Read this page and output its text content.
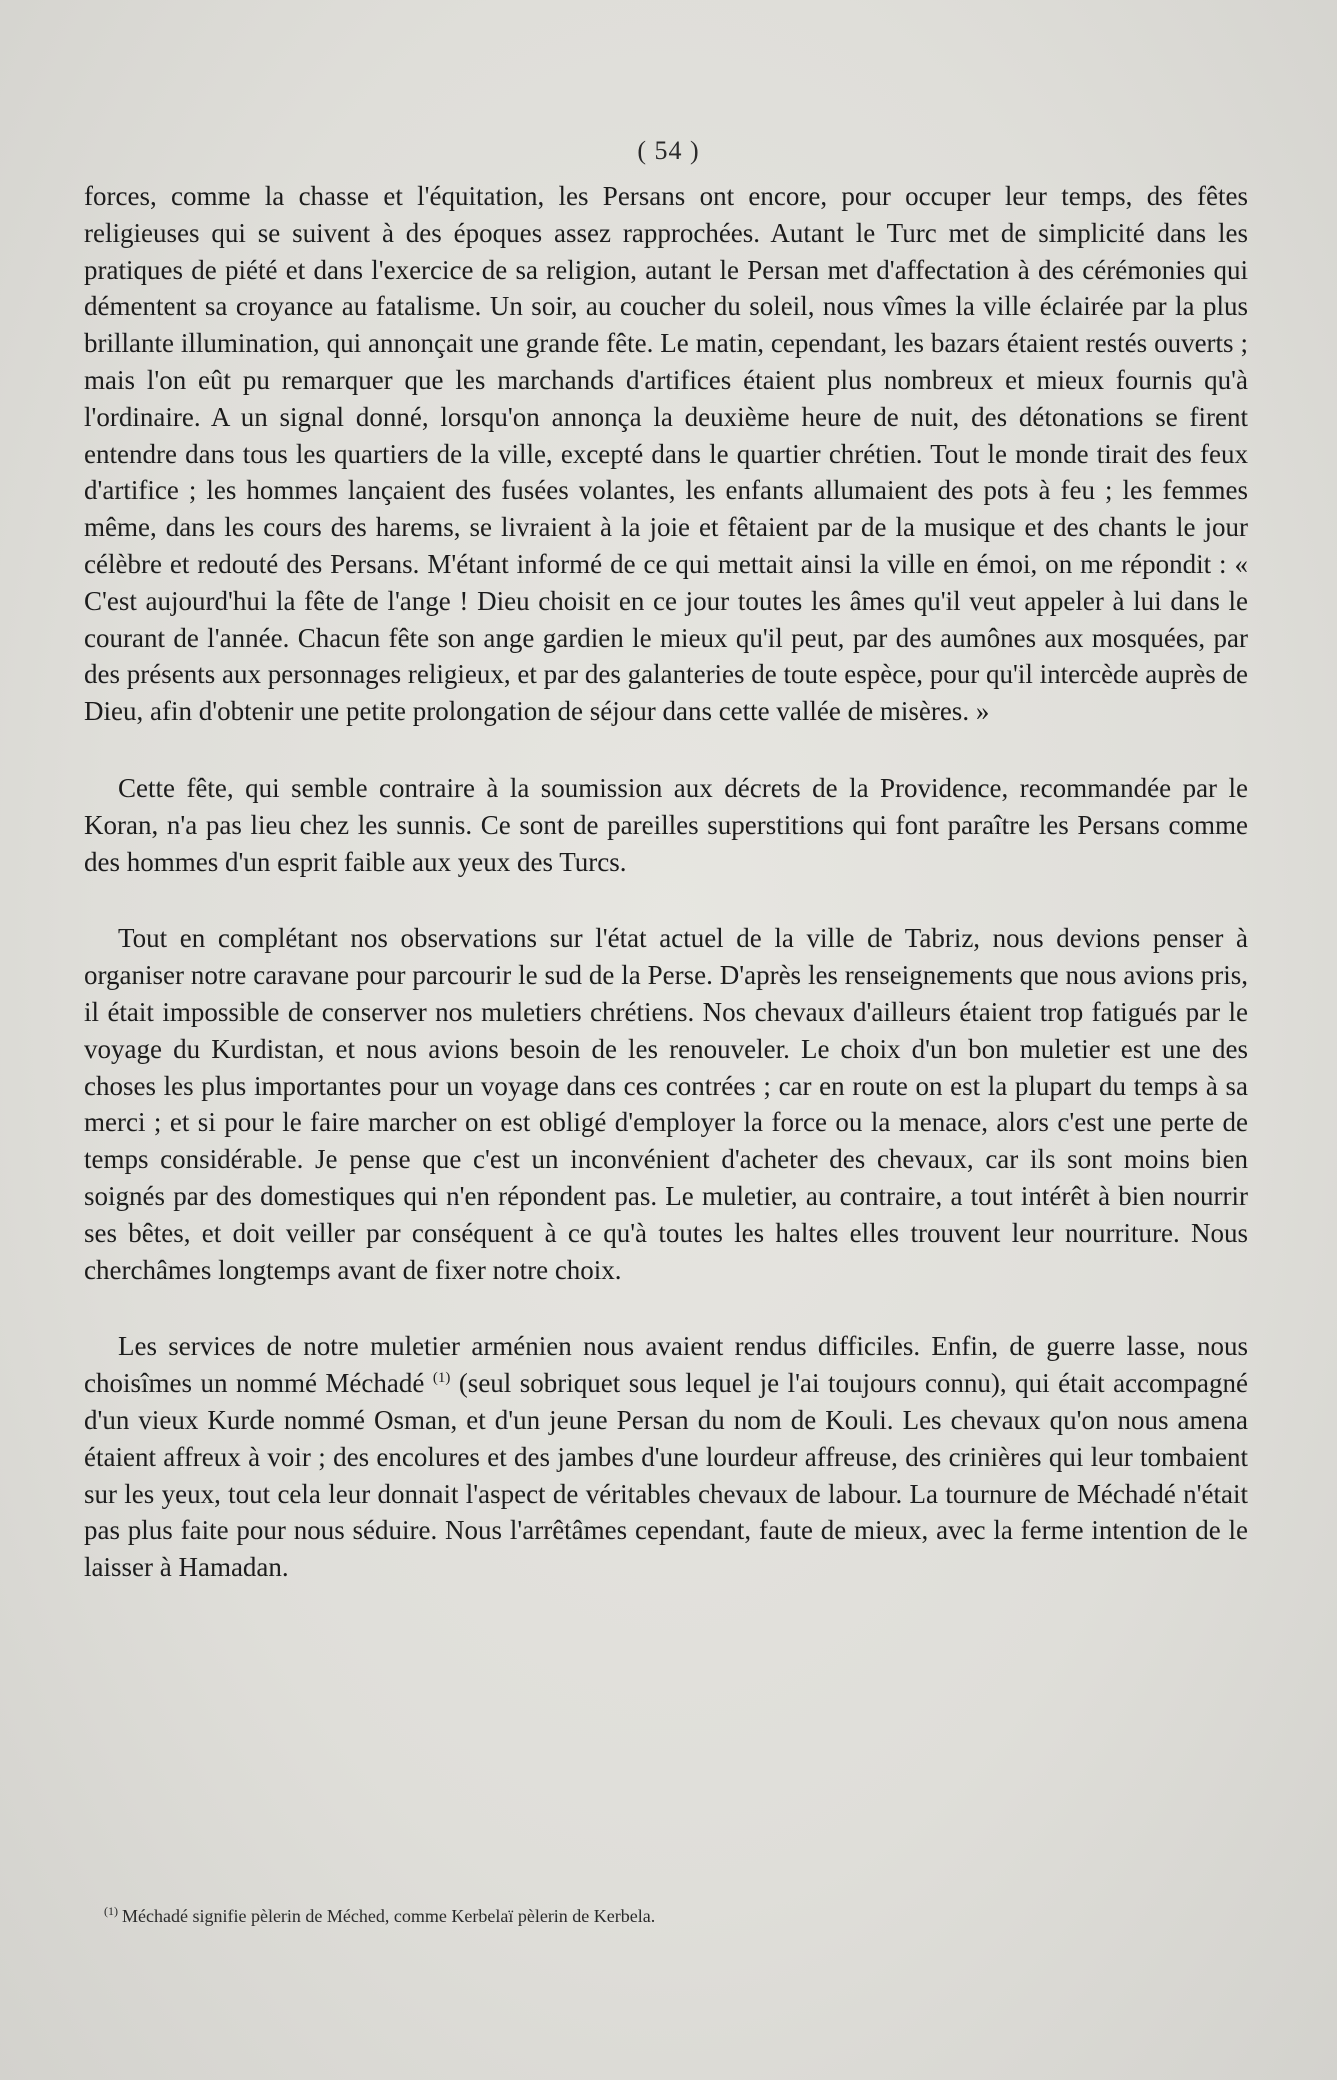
( 54 )

forces, comme la chasse et l'équitation, les Persans ont encore, pour occuper leur temps, des fêtes religieuses qui se suivent à des époques assez rapprochées. Autant le Turc met de simplicité dans les pratiques de piété et dans l'exercice de sa religion, autant le Persan met d'affectation à des cérémonies qui démentent sa croyance au fatalisme. Un soir, au coucher du soleil, nous vîmes la ville éclairée par la plus brillante illumination, qui annonçait une grande fête. Le matin, cependant, les bazars étaient restés ouverts ; mais l'on eût pu remarquer que les marchands d'artifices étaient plus nombreux et mieux fournis qu'à l'ordinaire. A un signal donné, lorsqu'on annonça la deuxième heure de nuit, des détonations se firent entendre dans tous les quartiers de la ville, excepté dans le quartier chrétien. Tout le monde tirait des feux d'artifice ; les hommes lançaient des fusées volantes, les enfants allumaient des pots à feu ; les femmes même, dans les cours des harems, se livraient à la joie et fêtaient par de la musique et des chants le jour célèbre et redouté des Persans. M'étant informé de ce qui mettait ainsi la ville en émoi, on me répondit : « C'est aujourd'hui la fête de l'ange ! Dieu choisit en ce jour toutes les âmes qu'il veut appeler à lui dans le courant de l'année. Chacun fête son ange gardien le mieux qu'il peut, par des aumônes aux mosquées, par des présents aux personnages religieux, et par des galanteries de toute espèce, pour qu'il intercède auprès de Dieu, afin d'obtenir une petite prolongation de séjour dans cette vallée de misères. »

Cette fête, qui semble contraire à la soumission aux décrets de la Providence, recommandée par le Koran, n'a pas lieu chez les sunnis. Ce sont de pareilles superstitions qui font paraître les Persans comme des hommes d'un esprit faible aux yeux des Turcs.

Tout en complétant nos observations sur l'état actuel de la ville de Tabriz, nous devions penser à organiser notre caravane pour parcourir le sud de la Perse. D'après les renseignements que nous avions pris, il était impossible de conserver nos muletiers chrétiens. Nos chevaux d'ailleurs étaient trop fatigués par le voyage du Kurdistan, et nous avions besoin de les renouveler. Le choix d'un bon muletier est une des choses les plus importantes pour un voyage dans ces contrées ; car en route on est la plupart du temps à sa merci ; et si pour le faire marcher on est obligé d'employer la force ou la menace, alors c'est une perte de temps considérable. Je pense que c'est un inconvénient d'acheter des chevaux, car ils sont moins bien soignés par des domestiques qui n'en répondent pas. Le muletier, au contraire, a tout intérêt à bien nourrir ses bêtes, et doit veiller par conséquent à ce qu'à toutes les haltes elles trouvent leur nourriture. Nous cherchâmes longtemps avant de fixer notre choix.

Les services de notre muletier arménien nous avaient rendus difficiles. Enfin, de guerre lasse, nous choisîmes un nommé Méchadé $^{(1)}$ (seul sobriquet sous lequel je l'ai toujours connu), qui était accompagné d'un vieux Kurde nommé Osman, et d'un jeune Persan du nom de Kouli. Les chevaux qu'on nous amena étaient affreux à voir ; des encolures et des jambes d'une lourdeur affreuse, des crinières qui leur tombaient sur les yeux, tout cela leur donnait l'aspect de véritables chevaux de labour. La tournure de Méchadé n'était pas plus faite pour nous séduire. Nous l'arrêtâmes cependant, faute de mieux, avec la ferme intention de le laisser à Hamadan.

$^{(1)}$ Méchadé signifie pèlerin de Méched, comme Kerbelaï pèlerin de Kerbela.
